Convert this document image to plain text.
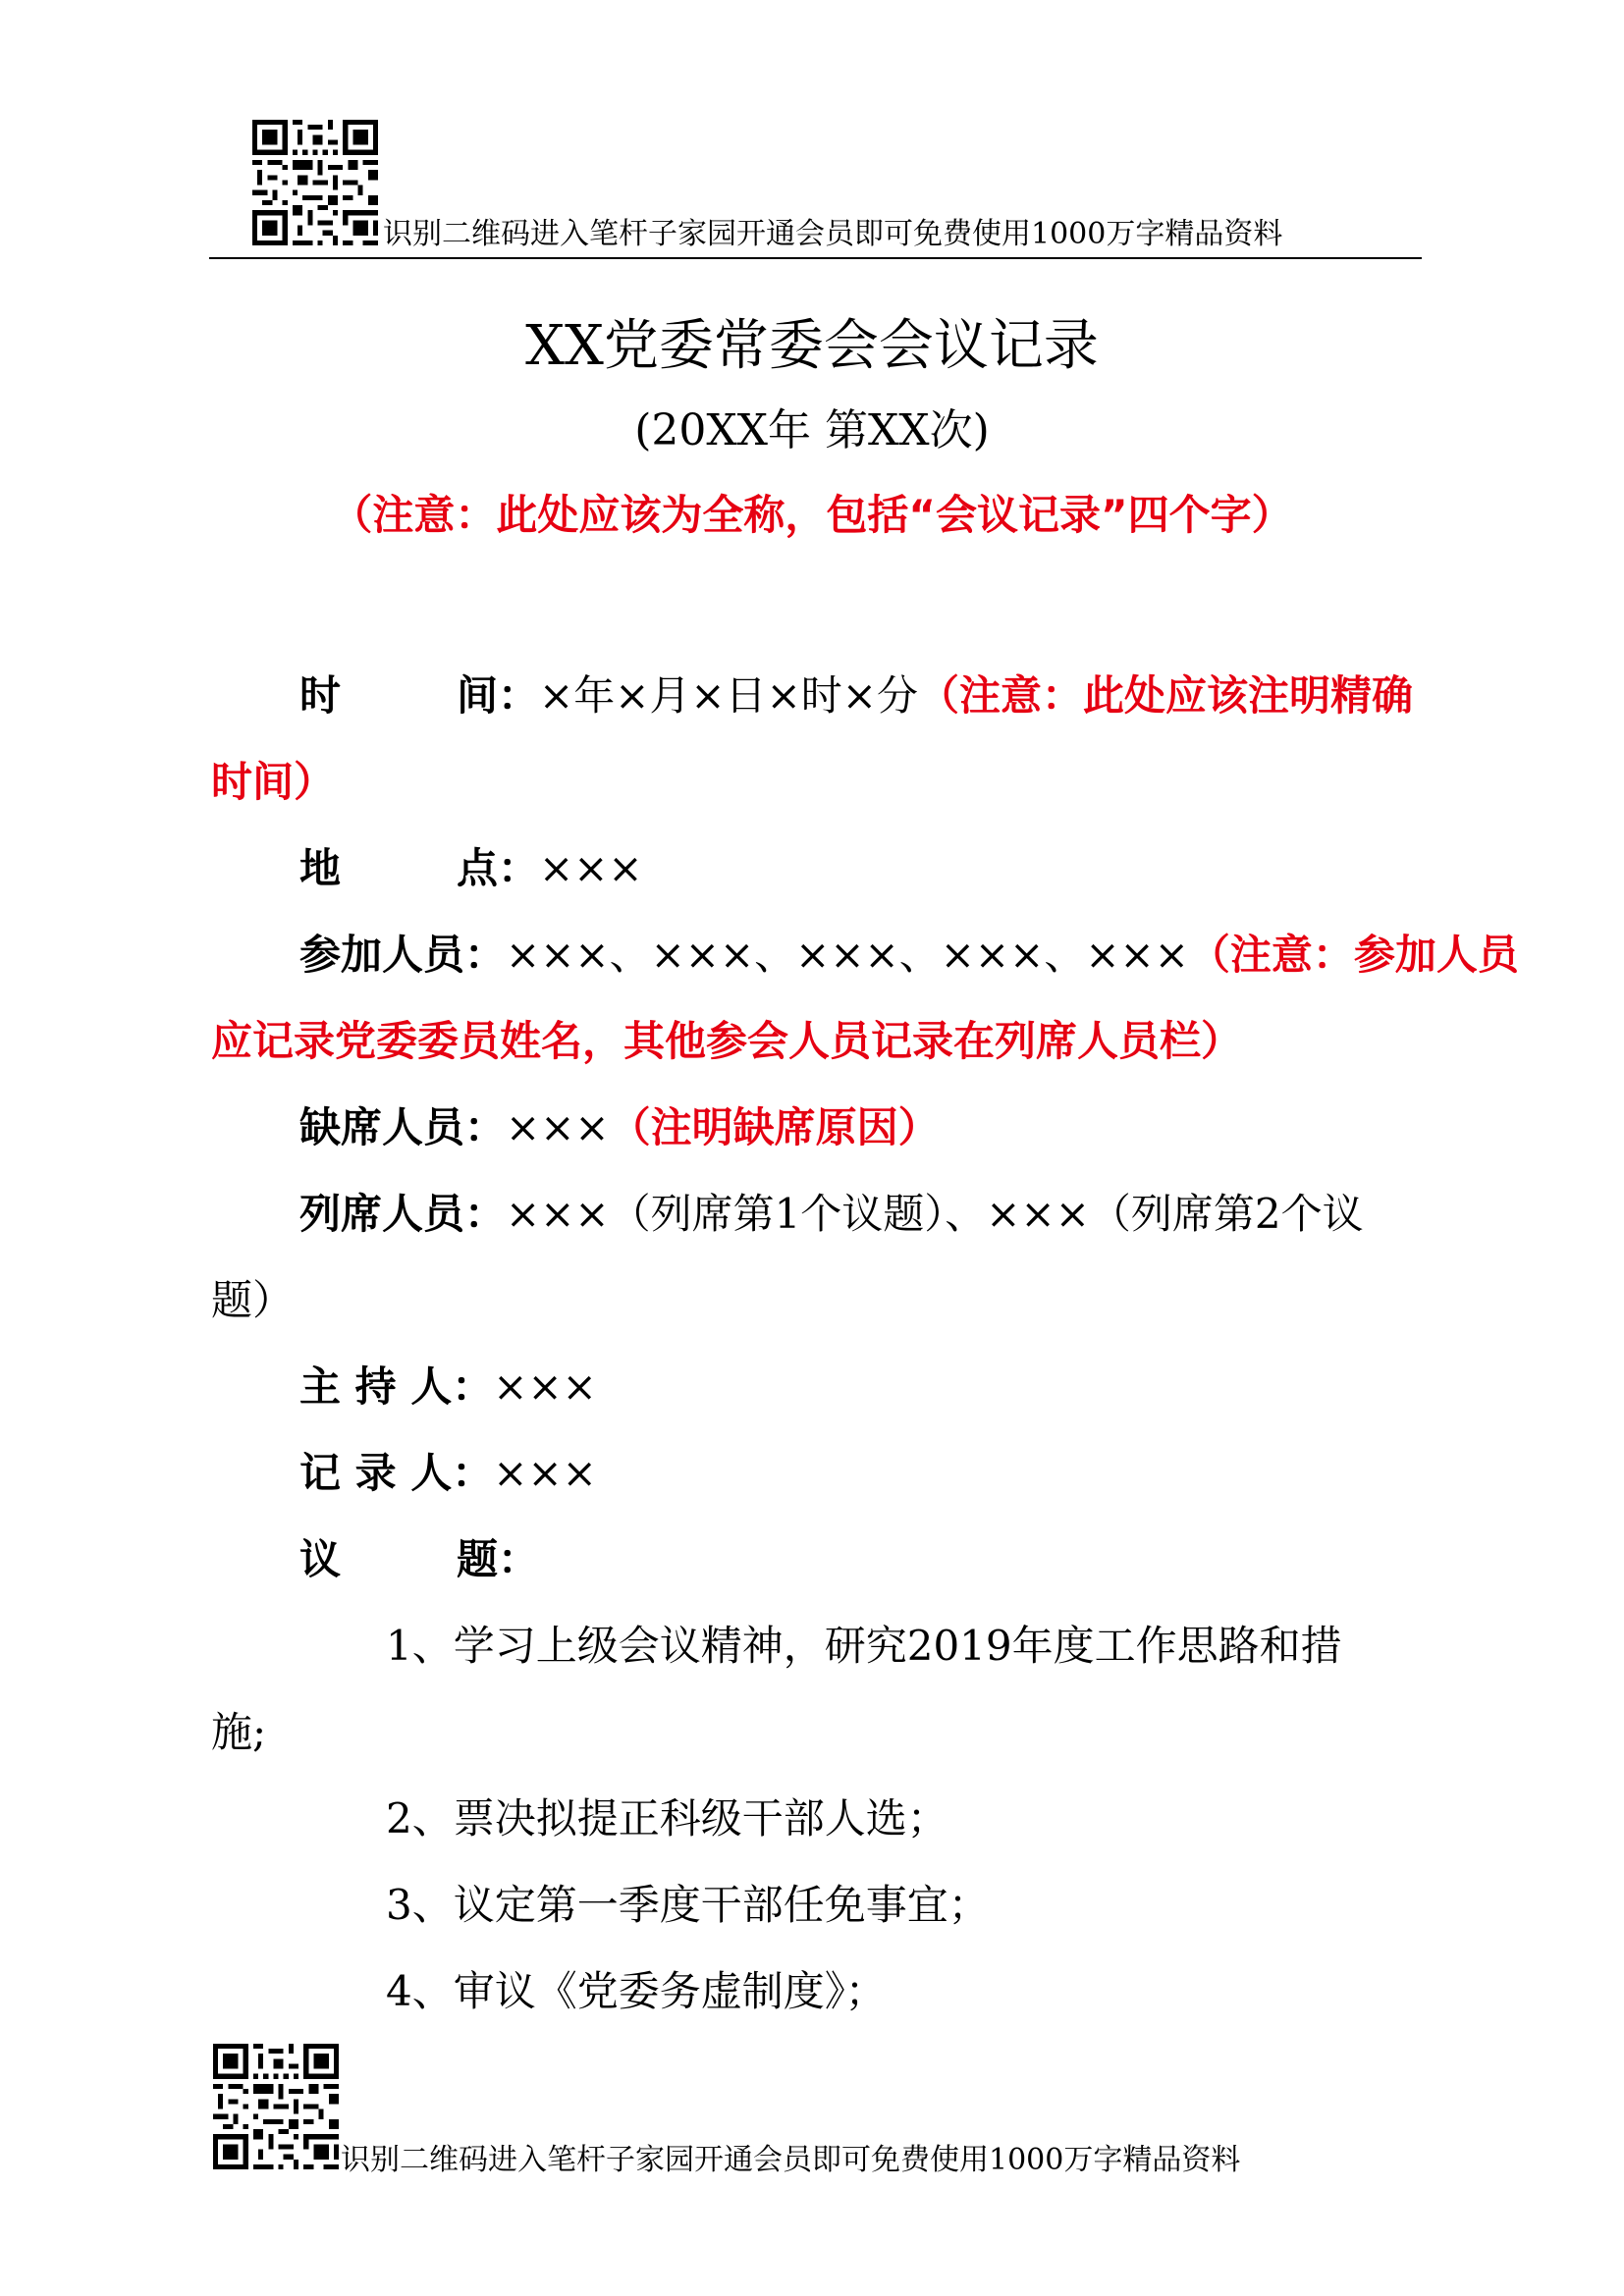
识别二维码进入笔杆子家园开通会员即可免费使用1000万字精品资料
XX党委常委会会议记录
(20XX年 第XX次)
（注意：此处应该为全称，包括“会议记录”四个字）
时	间：×年×月×日×时×分（注意：此处应该注明精确
时间）
地	点：×××
参加人员：×××、×××、×××、×××、×××（注意：参加人员
应记录党委委员姓名，其他参会人员记录在列席人员栏）
缺席人员：×××（注明缺席原因）
列席人员：×××（列席第1个议题）、×××（列席第2个议
题）
主 持 人：×××
记 录 人：×××
议	题：
1、学习上级会议精神，研究2019年度工作思路和措
施;
2、票决拟提正科级干部人选；
3、议定第一季度干部任免事宜；
4、审议《党委务虚制度》；
识别二维码进入笔杆子家园开通会员即可免费使用1000万字精品资料
